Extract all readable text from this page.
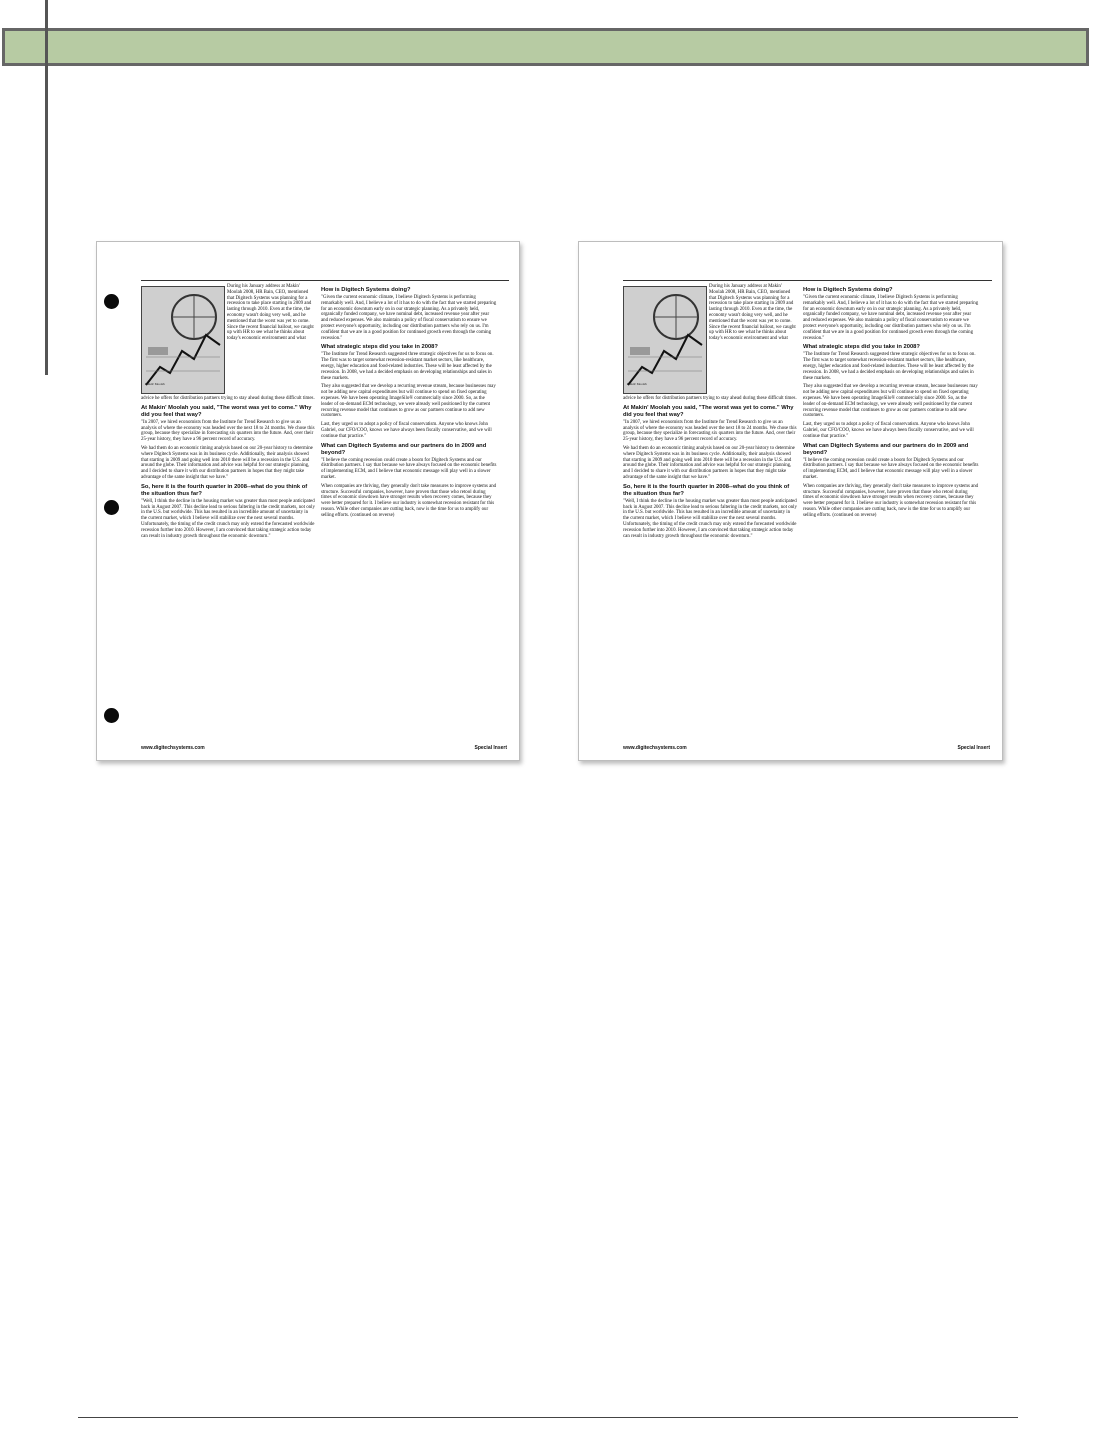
Makin' Moolah

During his January address at Makin' Moolah 2008, HR Bain, CEO, mentioned that Digitech Systems was planning for a recession to take place starting in 2009 and lasting through 2010. Even at the time, the economy wasn't doing very well, and he mentioned that the worst was yet to come. Since the recent financial bailout, we caught up with HR to see what he thinks about today's economic environment and what

advice he offers for distribution partners trying to stay ahead during these difficult times.

At Makin' Moolah you said, "The worst was yet to come." Why did you feel that way?

"In 2007, we hired economists from the Institute for Trend Research to give us an analysis of where the economy was headed over the next 18 to 24 months. We chose this group, because they specialize in forecasting six quarters into the future. And, over their 25-year history, they have a 96 percent record of accuracy.

We had them do an economic timing analysis based on our 20-year history to determine where Digitech Systems was in its business cycle. Additionally, their analysis showed that starting in 2009 and going well into 2010 there will be a recession in the U.S. and around the globe. Their information and advice was helpful for our strategic planning, and I decided to share it with our distribution partners in hopes that they might take advantage of the same insight that we have."

So, here it is the fourth quarter in 2008--what do you think of the situation thus far?

"Well, I think the decline in the housing market was greater than most people anticipated back in August 2007. This decline lead to serious faltering in the credit markets, not only in the U.S. but worldwide. This has resulted in an incredible amount of uncertainty in the current market, which I believe will stabilize over the next several months. Unfortunately, the timing of the credit crunch may only extend the forecasted worldwide recession further into 2010. However, I am convinced that taking strategic action today can result in industry growth throughout the economic downturn."

How is Digitech Systems doing?

"Given the current economic climate, I believe Digitech Systems is performing remarkably well. And, I believe a lot of it has to do with the fact that we started preparing for an economic downturn early on in our strategic planning. As a privately held, organically funded company, we have nominal debt, increased revenue year after year and reduced expenses. We also maintain a policy of fiscal conservatism to ensure we protect everyone's opportunity, including our distribution partners who rely on us. I'm confident that we are in a good position for continued growth even through the coming recession."

What strategic steps did you take in 2008?

"The Institute for Trend Research suggested three strategic objectives for us to focus on. The first was to target somewhat recession-resistant market sectors, like healthcare, energy, higher education and food-related industries. These will be least affected by the recession. In 2008, we had a decided emphasis on developing relationships and sales in these markets.

They also suggested that we develop a recurring revenue stream, because businesses may not be adding new capital expenditures but will continue to spend on fixed operating expenses. We have been operating ImageSilo® commercially since 2000. So, as the leader of on-demand ECM technology, we were already well positioned by the current recurring revenue model that continues to grow as our partners continue to add new customers.

Last, they urged us to adopt a policy of fiscal conservatism. Anyone who knows John Gabriel, our CFO/COO, knows we have always been fiscally conservative, and we will continue that practice."

What can Digitech Systems and our partners do in 2009 and beyond?

"I believe the coming recession could create a boom for Digitech Systems and our distribution partners. I say that because we have always focused on the economic benefits of implementing ECM, and I believe that economic message will play well in a slower market.

When companies are thriving, they generally don't take measures to improve systems and structure. Successful companies, however, have proven that those who retool during times of economic slowdown have stronger results when recovery comes, because they were better prepared for it. I believe our industry is somewhat recession resistant for this reason. While other companies are cutting back, now is the time for us to amplify our selling efforts. (continued on reverse)

www.digitechsystems.com	Special Insert
Makin' Moolah

During his January address at Makin' Moolah 2008, HR Bain, CEO, mentioned that Digitech Systems was planning for a recession to take place starting in 2009 and lasting through 2010. Even at the time, the economy wasn't doing very well, and he mentioned that the worst was yet to come. Since the recent financial bailout, we caught up with HR to see what he thinks about today's economic environment and what

advice he offers for distribution partners trying to stay ahead during these difficult times.

At Makin' Moolah you said, "The worst was yet to come." Why did you feel that way?

"In 2007, we hired economists from the Institute for Trend Research to give us an analysis of where the economy was headed over the next 18 to 24 months. We chose this group, because they specialize in forecasting six quarters into the future. And, over their 25-year history, they have a 96 percent record of accuracy.

We had them do an economic timing analysis based on our 20-year history to determine where Digitech Systems was in its business cycle. Additionally, their analysis showed that starting in 2009 and going well into 2010 there will be a recession in the U.S. and around the globe. Their information and advice was helpful for our strategic planning, and I decided to share it with our distribution partners in hopes that they might take advantage of the same insight that we have."

So, here it is the fourth quarter in 2008--what do you think of the situation thus far?

"Well, I think the decline in the housing market was greater than most people anticipated back in August 2007. This decline lead to serious faltering in the credit markets, not only in the U.S. but worldwide. This has resulted in an incredible amount of uncertainty in the current market, which I believe will stabilize over the next several months. Unfortunately, the timing of the credit crunch may only extend the forecasted worldwide recession further into 2010. However, I am convinced that taking strategic action today can result in industry growth throughout the economic downturn."

How is Digitech Systems doing?

"Given the current economic climate, I believe Digitech Systems is performing remarkably well. And, I believe a lot of it has to do with the fact that we started preparing for an economic downturn early on in our strategic planning. As a privately held, organically funded company, we have nominal debt, increased revenue year after year and reduced expenses. We also maintain a policy of fiscal conservatism to ensure we protect everyone's opportunity, including our distribution partners who rely on us. I'm confident that we are in a good position for continued growth even through the coming recession."

What strategic steps did you take in 2008?

"The Institute for Trend Research suggested three strategic objectives for us to focus on. The first was to target somewhat recession-resistant market sectors, like healthcare, energy, higher education and food-related industries. These will be least affected by the recession. In 2008, we had a decided emphasis on developing relationships and sales in these markets.

They also suggested that we develop a recurring revenue stream, because businesses may not be adding new capital expenditures but will continue to spend on fixed operating expenses. We have been operating ImageSilo® commercially since 2000. So, as the leader of on-demand ECM technology, we were already well positioned by the current recurring revenue model that continues to grow as our partners continue to add new customers.

Last, they urged us to adopt a policy of fiscal conservatism. Anyone who knows John Gabriel, our CFO/COO, knows we have always been fiscally conservative, and we will continue that practice."

What can Digitech Systems and our partners do in 2009 and beyond?

"I believe the coming recession could create a boom for Digitech Systems and our distribution partners. I say that because we have always focused on the economic benefits of implementing ECM, and I believe that economic message will play well in a slower market.

When companies are thriving, they generally don't take measures to improve systems and structure. Successful companies, however, have proven that those who retool during times of economic slowdown have stronger results when recovery comes, because they were better prepared for it. I believe our industry is somewhat recession resistant for this reason. While other companies are cutting back, now is the time for us to amplify our selling efforts. (continued on reverse)

www.digitechsystems.com	Special Insert
